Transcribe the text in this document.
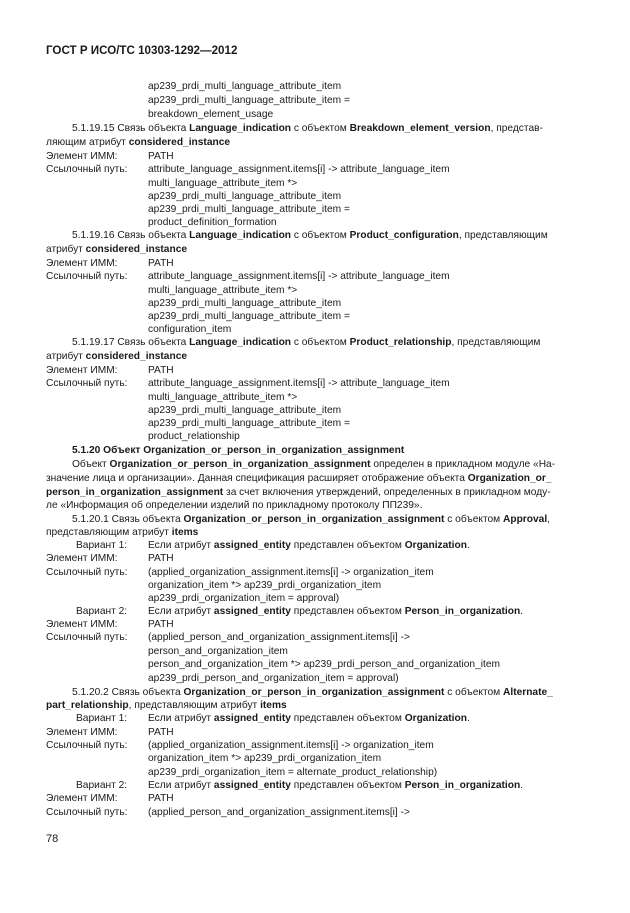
ГОСТ Р ИСО/ТС 10303-1292—2012
ap239_prdi_multi_language_attribute_item
ap239_prdi_multi_language_attribute_item =
breakdown_element_usage
5.1.19.15 Связь объекта Language_indication с объектом Breakdown_element_version, представ-
ляющим атрибут considered_instance
Элемент ИММ:	PATH
Ссылочный путь: attribute_language_assignment.items[i] -> attribute_language_item
multi_language_attribute_item *>
ap239_prdi_multi_language_attribute_item
ap239_prdi_multi_language_attribute_item =
product_definition_formation
5.1.19.16 Связь объекта Language_indication с объектом Product_configuration, представляющим
атрибут considered_instance
Элемент ИММ:	PATH
Ссылочный путь: attribute_language_assignment.items[i] -> attribute_language_item
multi_language_attribute_item *>
ap239_prdi_multi_language_attribute_item
ap239_prdi_multi_language_attribute_item =
configuration_item
5.1.19.17 Связь объекта Language_indication с объектом Product_relationship, представляющим
атрибут considered_instance
Элемент ИММ:	PATH
Ссылочный путь: attribute_language_assignment.items[i] -> attribute_language_item
multi_language_attribute_item *>
ap239_prdi_multi_language_attribute_item
ap239_prdi_multi_language_attribute_item =
product_relationship
5.1.20 Объект Organization_or_person_in_organization_assignment
Объект Organization_or_person_in_organization_assignment определен в прикладном модуле «На-
значение лица и организации». Данная спецификация расширяет отображение объекта Organization_or_
person_in_organization_assignment за счет включения утверждений, определенных в прикладном моду-
ле «Информация об определении изделий по прикладному протоколу ПП239».
5.1.20.1 Связь объекта Organization_or_person_in_organization_assignment с объектом Approval,
представляющим атрибут items
Вариант 1: Если атрибут assigned_entity представлен объектом Organization.
Элемент ИММ:	PATH
Ссылочный путь: (applied_organization_assignment.items[i] -> organization_item
organization_item *> ap239_prdi_organization_item
ap239_prdi_organization_item = approval)
Вариант 2: Если атрибут assigned_entity представлен объектом Person_in_organization.
Элемент ИММ:	PATH
Ссылочный путь: (applied_person_and_organization_assignment.items[i] ->
person_and_organization_item
person_and_organization_item *> ap239_prdi_person_and_organization_item
ap239_prdi_person_and_organization_item = approval)
5.1.20.2 Связь объекта Organization_or_person_in_organization_assignment с объектом Alternate_
part_relationship, представляющим атрибут items
Вариант 1: Если атрибут assigned_entity представлен объектом Organization.
Элемент ИММ:	PATH
Ссылочный путь: (applied_organization_assignment.items[i] -> organization_item
organization_item *> ap239_prdi_organization_item
ap239_prdi_organization_item = alternate_product_relationship)
Вариант 2: Если атрибут assigned_entity представлен объектом Person_in_organization.
Элемент ИММ:	PATH
Ссылочный путь: (applied_person_and_organization_assignment.items[i] ->
78
